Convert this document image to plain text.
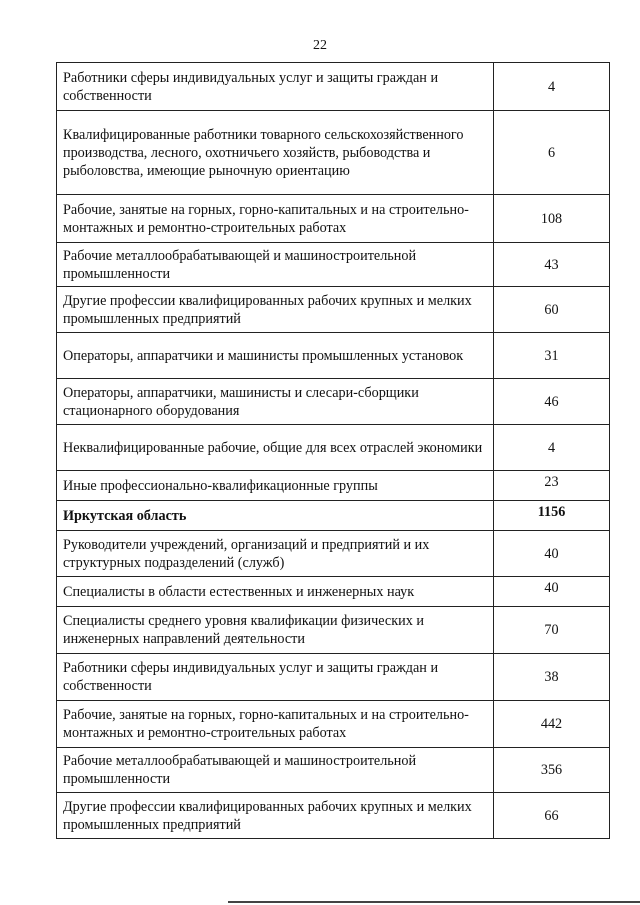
22
Работники сферы индивидуальных услуг и защиты граждан и собственности	4
Квалифицированные работники товарного сельскохозяйственного производства, лесного, охотничьего хозяйств, рыбоводства и рыболовства, имеющие рыночную ориентацию	6
Рабочие, занятые на горных, горно-капитальных и на строительно-монтажных и ремонтно-строительных работах	108
Рабочие металлообрабатывающей и машиностроительной промышленности	43
Другие профессии квалифицированных рабочих крупных и мелких промышленных предприятий	60
Операторы, аппаратчики и машинисты промышленных установок	31
Операторы, аппаратчики, машинисты и слесари-сборщики стационарного оборудования	46
Неквалифицированные рабочие, общие для всех отраслей экономики	4
Иные профессионально-квалификационные группы	23
Иркутская область	1156
Руководители учреждений, организаций и предприятий и их структурных подразделений (служб)	40
Специалисты в области естественных и инженерных наук	40
Специалисты среднего уровня квалификации физических и инженерных направлений деятельности	70
Работники сферы индивидуальных услуг и защиты граждан и собственности	38
Рабочие, занятые на горных, горно-капитальных и на строительно-монтажных и ремонтно-строительных работах	442
Рабочие металлообрабатывающей и машиностроительной промышленности	356
Другие профессии квалифицированных рабочих крупных и мелких промышленных предприятий	66
